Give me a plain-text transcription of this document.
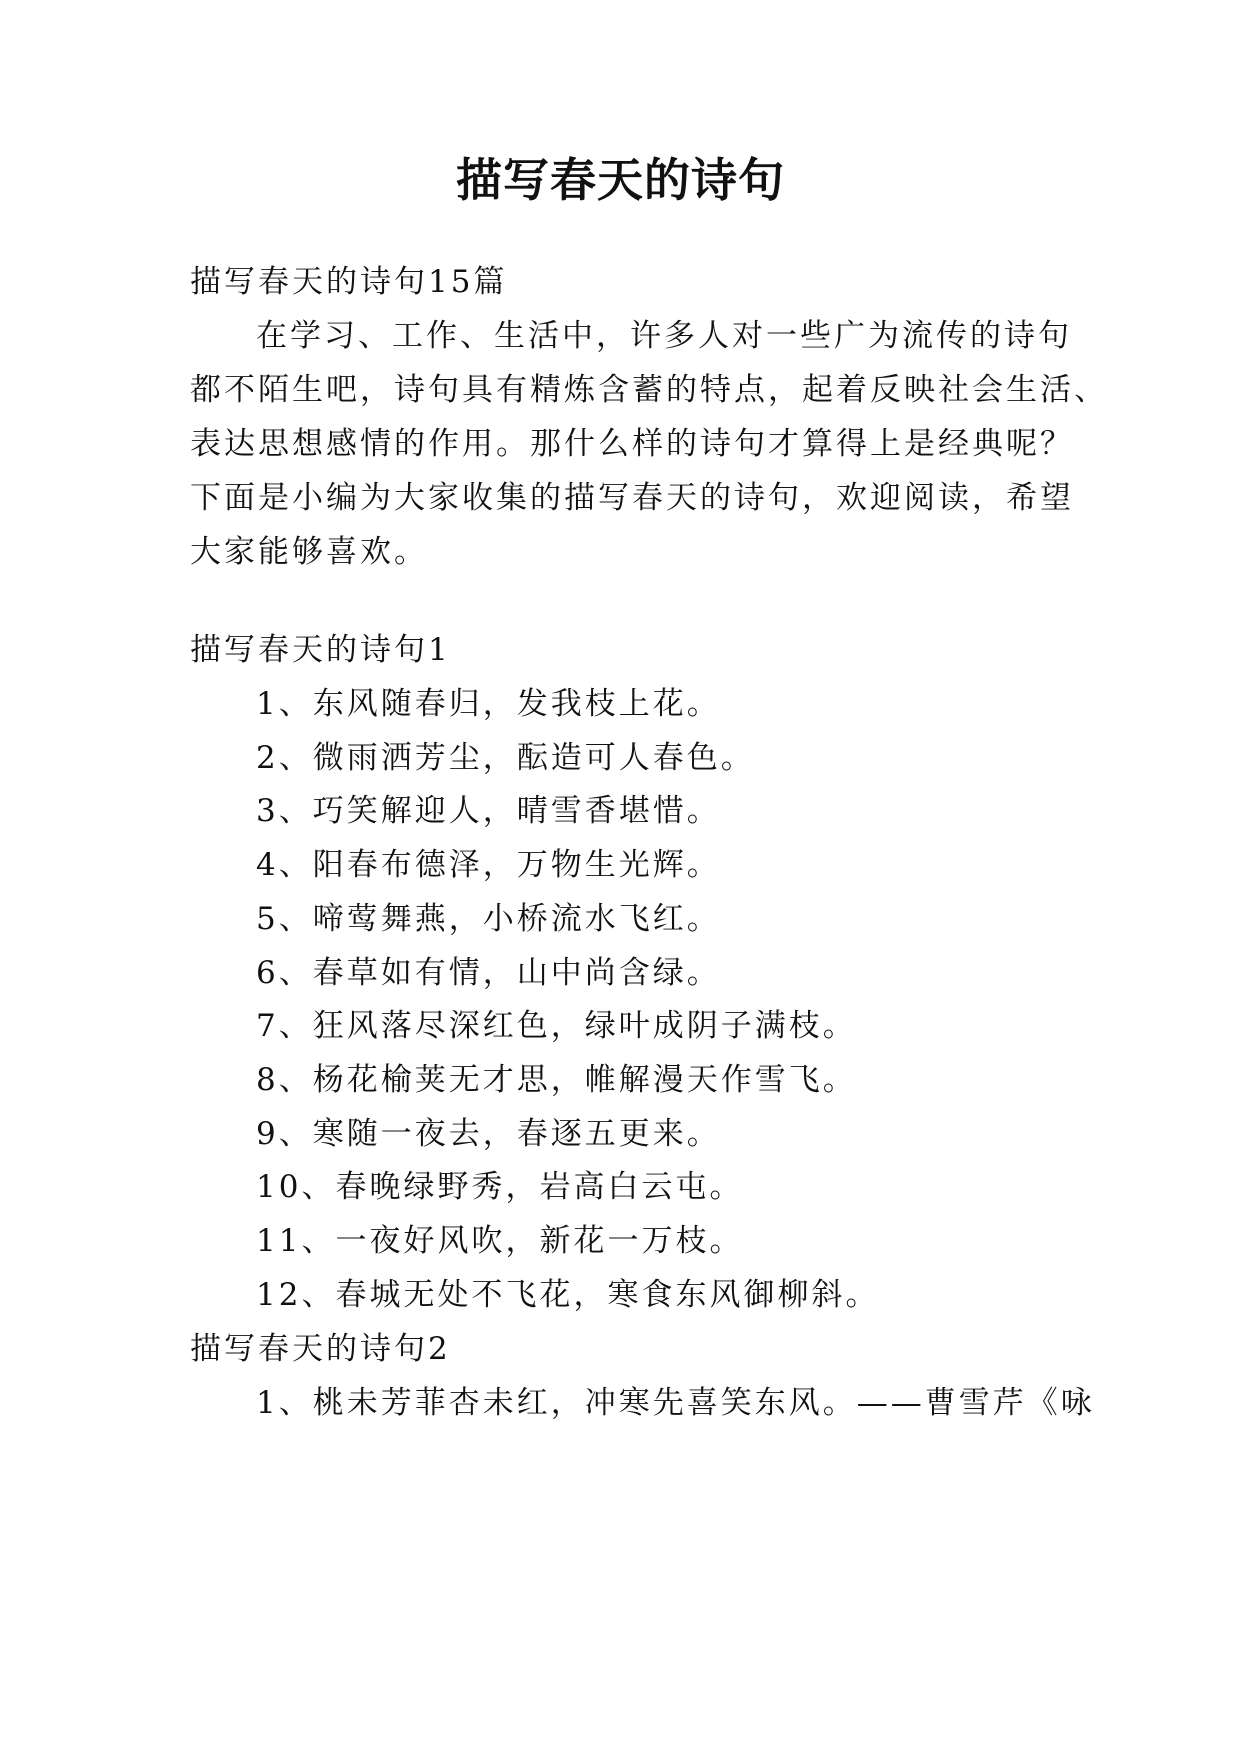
描写春天的诗句
描写春天的诗句15篇
在学习、工作、生活中，许多人对一些广为流传的诗句
都不陌生吧，诗句具有精炼含蓄的特点，起着反映社会生活、
表达思想感情的作用。那什么样的诗句才算得上是经典呢？
下面是小编为大家收集的描写春天的诗句，欢迎阅读，希望
大家能够喜欢。
描写春天的诗句1
1、东风随春归，发我枝上花。
2、微雨洒芳尘，酝造可人春色。
3、巧笑解迎人，晴雪香堪惜。
4、阳春布德泽，万物生光辉。
5、啼莺舞燕，小桥流水飞红。
6、春草如有情，山中尚含绿。
7、狂风落尽深红色，绿叶成阴子满枝。
8、杨花榆荚无才思，帷解漫天作雪飞。
9、寒随一夜去，春逐五更来。
10、春晚绿野秀，岩高白云屯。
11、一夜好风吹，新花一万枝。
12、春城无处不飞花，寒食东风御柳斜。
描写春天的诗句2
1、桃未芳菲杏未红，冲寒先喜笑东风。——曹雪芹《咏
